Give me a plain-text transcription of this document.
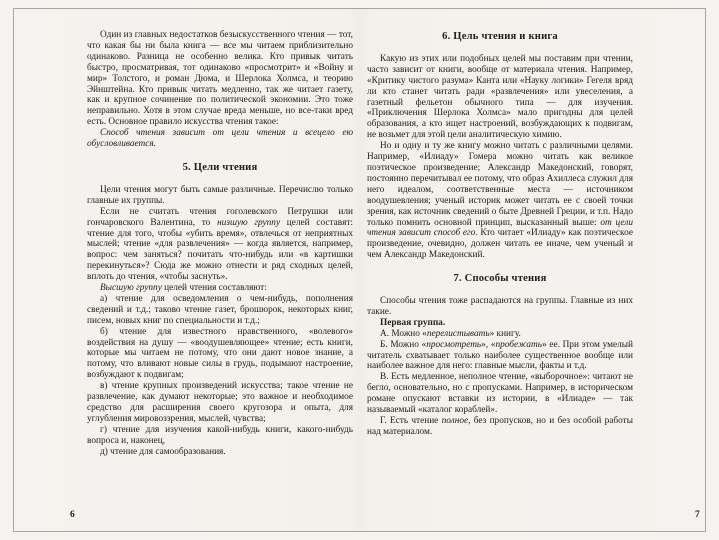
Один из главных недостатков безыскусственного чтения — тот, что какая бы ни была книга — все мы читаем приблизительно одинаково. Разница не особенно велика. Кто привык читать быстро, просматривая, тот одинаково «просмотрит» и «Войну и мир» Толстого, и роман Дюма, и Шерлока Холмса, и теорию Эйнштейна. Кто привык читать медленно, так же читает газету, как и крупное сочинение по политической экономии. Это тоже неправильно. Хотя в этом случае вреда меньше, но все-таки вред есть. Основное правило искусства чтения такое:

Способ чтения зависит от цели чтения и всецело ею обусловливается.

5. Цели чтения

Цели чтения могут быть самые различные. Перечислю только главные их группы.

Если не считать чтения гоголевского Петрушки или гончаровского Валентина, то низшую группу целей составят: чтение для того, чтобы «убить время», отвлечься от неприятных мыслей; чтение «для развлечения» — когда является, например, вопрос: чем заняться? почитать что-нибудь или «в картишки перекинуться»? Сюда же можно отнести и ряд сходных целей, вплоть до чтения, «чтобы заснуть».

Высшую группу целей чтения составляют:

а) чтение для осведомления о чем-нибудь, пополнения сведений и т.д.; таково чтение газет, брошюрок, некоторых книг, писем, новых книг по специальности и т.д.;

б) чтение для известного нравственного, «волевого» воздействия на душу — «воодушевляющее» чтение; есть книги, которые мы читаем не потому, что они дают новое знание, а потому, что вливают новые силы в грудь, подымают настроение, возбуждают к подвигам;

в) чтение крупных произведений искусства; такое чтение не развлечение, как думают некоторые; это важное и необходимое средство для расширения своего кругозора и опыта, для углубления мировоззрения, мыслей, чувства;

г) чтение для изучения какой-нибудь книги, какого-нибудь вопроса и, наконец,

д) чтение для самообразования.

6. Цель чтения и книга

Какую из этих или подобных целей мы поставим при чтении, часто зависит от книги, вообще от материала чтения. Например, «Критику чистого разума» Канта или «Науку логики» Гегеля вряд ли кто станет читать ради «развлечения» или увеселения, а газетный фельетон обычного типа — для изучения. «Приключения Шерлока Холмса» мало пригодны для целей образования, а кто ищет настроений, возбуждающих к подвигам, не возьмет для этой цели аналитическую химию.

Но и одну и ту же книгу можно читать с различными целями. Например, «Илиаду» Гомера можно читать как великое поэтическое произведение; Александр Македонский, говорят, постоянно перечитывал ее потому, что образ Ахиллеса служил для него идеалом, соответственные места — источником воодушевления; ученый историк может читать ее с своей точки зрения, как источник сведений о быте Древней Греции, и т.п. Надо только помнить основной принцип, высказанный выше: от цели чтения зависит способ его. Кто читает «Илиаду» как поэтическое произведение, очевидно, должен читать ее иначе, чем ученый и чем Александр Македонский.

7. Способы чтения

Способы чтения тоже распадаются на группы. Главные из них такие.

Первая группа.

А. Можно «перелистывать» книгу.

Б. Можно «просмотреть», «пробежать» ее. При этом умелый читатель схватывает только наиболее существенное вообще или наиболее важное для него: главные мысли, факты и т.д.

В. Есть медленное, неполное чтение, «выборочное»: читают не бегло, основательно, но с пропусками. Например, в историческом романе опускают вставки из истории, в «Илиаде» — так называемый «каталог кораблей».

Г. Есть чтение полное, без пропусков, но и без особой работы над материалом.

6	7
